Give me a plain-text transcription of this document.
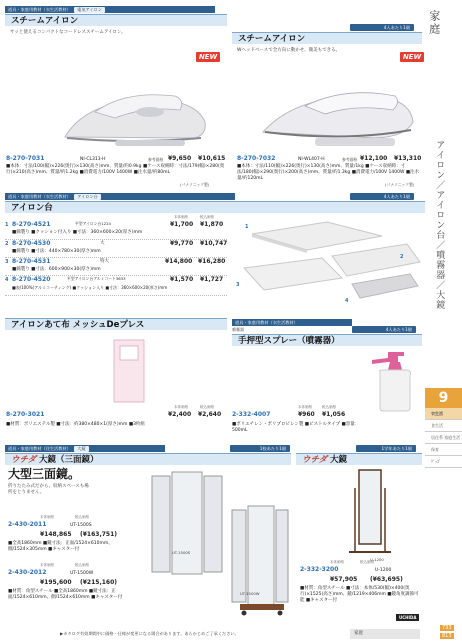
道具・家庭用教材（衣生活教材） 電気アイロン
スチームアイロン
サッと使えるコンパクトなコードレススチームアイロン。
NEW
8-270-7031	NI-CL313-H	参考価格 ¥9,650 ¥10,615
■本体：寸法/100(幅)×226(奥行)×130(高さ)mm、質量/約0.9kg ■ケース収納時：寸法/179(幅)×280(奥行)×210(高さ)mm、質量/約1.2kg ■消費電力/100V 1400W ■注水量/約80mL
(パナソニック製)
4人あたり1個
スチームアイロン
Wヘッドベースで全方向に動かせ、微美もできる。
NEW
8-270-7032	NI-WL407-H	参考価格 ¥12,100 ¥13,310
■本体：寸法/110(幅)×226(奥行)×130(高さ)mm、質量/1kg ■ケース収納時：寸法/180(幅)×290(奥行)×200(高さ)mm、質量/約1.3kg ■消費電力/100V 1400W ■注水量/約120mL
(パナソニック製)
道具・家庭用教材（衣生活教材） アイロン台	4人あたり1個
アイロン台
本体価格	税込価格
1 8-270-4521	平型アイロン台1224	¥1,700 ¥1,870
■綿製り ■クッション付入り ■寸法：360×600×20(厚さ)mm
2 8-270-4530	大	¥9,770 ¥10,747
■綿製り ■寸法：440×780×30(厚さ)mm
3 8-270-4531	特大	¥14,800 ¥16,280
■綿製り ■寸法：600×900×30(厚さ)mm
4 8-270-4520	平型アイロン台アルミコート3633	¥1,570 ¥1,727
■表/100%(アルミコーティング) ■クッション入り ■寸法：360×600×20(厚さ)mm
1
2
3
4
アイロンあて布 メッシュDeプレス
本体価格	税込価格
8-270-3021	¥2,400 ¥2,640
■材質：ポリエステル製 ■寸法：約380×480×1(厚さ)mm ■3枚組
道具・家庭用教材（衣生活教材）
4人あたり1個
噴霧器
手押型スプレー（噴霧器）
本体価格	税込価格
2-332-4007	¥960 ¥1,056
■ポリエチレン・ポリプロピレン製 ■ピストルタイプ ■容量：500mL
道具・家庭用教材（住生活教材） 大鏡	1校あたり1個
ウチダ 大鏡（三面鏡）
大型三面鏡。
折りたたみ式だから、収納スペースも場所をとりません。
UT-1500S
UT-1500W
本体価格	税込価格
2-430-2011	UT-1500S
¥148,865 (¥163,751)
■全高1860mm ■鏡寸法：正面/1524×610mm、側/1524×305mm ■キャスター付
本体価格	税込価格
2-430-2012	UT-1500W
¥195,600 (¥215,160)
■材質：角型スチール ■全高1860mm ■鏡寸法：正面/1524×610mm、側/1524×610mm ■キャスター付
1学年あたり1個
ウチダ 大鏡
U-1200
本体価格	税込価格
2-332-3200	U-1200
¥57,905 (¥63,695)
■材質：角型スチール ■寸法：本体/530(幅)×400(奥行)×1525(高さ)mm、鏡/1219×406mm ■鏡角度調節可能 ■キャスター付
UCHIDA
▶カタログ有効期間中に価格・仕様が変更になる場合があります。あらかじめご了承ください。	家庭
家庭
アイロン／アイロン台／噴霧器／大鏡
9
衣生活
食生活
居住系 家庭生活
保育
ｸﾞｯｽﾞ
733
813
